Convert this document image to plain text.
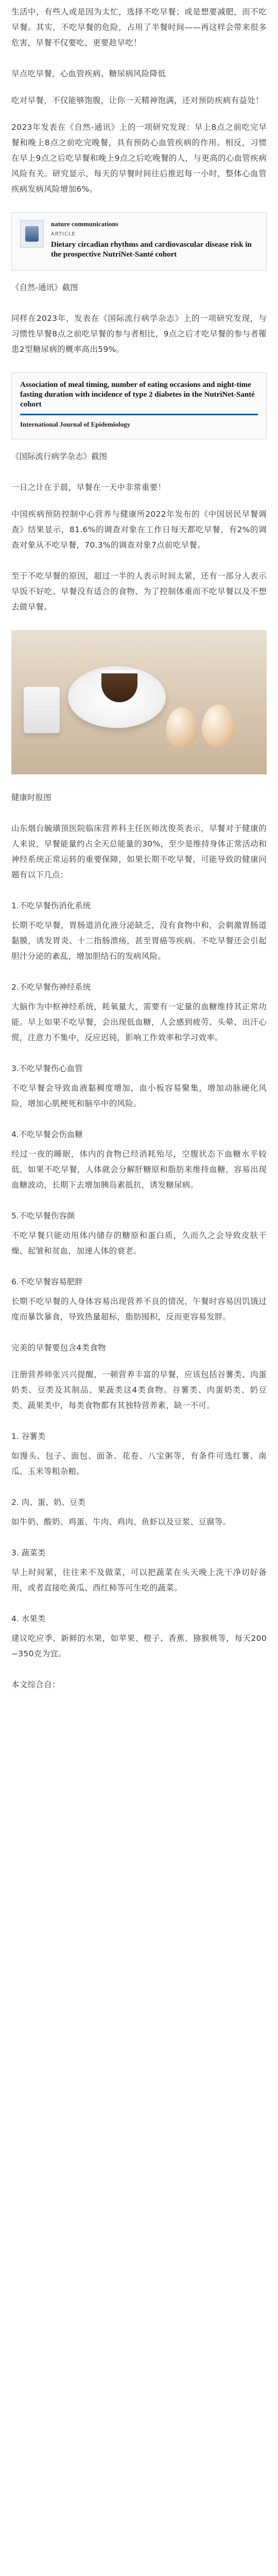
生活中，有些人或是因为太忙，选择不吃早餐；或是想要减肥，而不吃早餐。其实，不吃早餐的危险，占用了半餐时间——再这样会带来很多危害，早餐不仅要吃，更要趁早吃！

早点吃早餐，心血管疾病、糖尿病风险降低

吃对早餐，不仅能够饱腹，让你一天精神饱满，还对预防疾病有益处！

2023年发表在《自然-通讯》上的一项研究发现：早上8点之前吃完早餐和晚上8点之前吃完晚餐，具有预防心血管疾病的作用。相反，习惯在早上9点之后吃早餐和晚上9点之后吃晚餐的人，与更高的心血管疾病风险有关。研究显示，每天的早餐时间往后推迟每一小时，整体心血管疾病发病风险增加6%。

nature communications
ARTICLE
Dietary circadian rhythms and cardiovascular disease risk in the prospective NutriNet-Santé cohort

《自然-通讯》截图

同样在2023年，发表在《国际流行病学杂志》上的一项研究发现，与习惯性早餐8点之前吃早餐的参与者相比，9点之后才吃早餐的参与者罹患2型糖尿病的概率高出59%。

Association of meal timing, number of eating occasions and night-time fasting duration with incidence of type 2 diabetes in the NutriNet-Santé cohort
International Journal of Epidemiology

《国际流行病学杂志》截图

一日之计在于晨，早餐在一天中非常重要！

中国疾病预防控制中心营养与健康所2022年发布的《中国居民早餐调查》结果显示，81.6%的调查对象在工作日每天都吃早餐，有2%的调查对象从不吃早餐，70.3%的调查对象7点前吃早餐。

至于不吃早餐的原因，超过一半的人表示时间太紧，还有一部分人表示早饭不好吃、早餐没有适合的食物、为了控制体重而不吃早餐以及不想去做早餐。

健康时报图

山东烟台毓璜顶医院临床营养科主任医师沈俊英表示，早餐对于健康的人来说，早餐能量约占全天总能量的30%，至少是维持身体正常活动和神经系统正常运转的重要保障，如果长期不吃早餐，可能导致的健康问题有以下几点：

1.不吃早餐伤消化系统

长期不吃早餐，胃肠道消化液分泌缺乏，没有食物中和，会刺激胃肠道黏膜，诱发胃炎、十二指肠溃疡，甚至胃癌等疾病。不吃早餐还会引起胆汁分泌的紊乱，增加胆结石的发病风险。

2.不吃早餐伤神经系统

大脑作为中枢神经系统，耗氧量大，需要有一定量的血糖维持其正常功能。早上如果不吃早餐，会出现低血糖，人会感到疲劳、头晕、出汗心慌，注意力不集中，反应迟钝，影响工作效率和学习效率。

3.不吃早餐伤心血管

不吃早餐会导致血液黏稠度增加，血小板容易聚集，增加动脉硬化风险，增加心肌梗死和脑卒中的风险。

4.不吃早餐会伤血糖

经过一夜的睡眠，体内的食物已经消耗殆尽，空腹状态下血糖水平较低，如果不吃早餐，人体就会分解肝糖原和脂肪来维持血糖，容易出现血糖波动，长期下去增加胰岛素抵抗，诱发糖尿病。

5.不吃早餐伤容颜

不吃早餐只能动用体内储存的糖原和蛋白质，久而久之会导致皮肤干燥、起皱和贫血，加速人体的衰老。

6.不吃早餐容易肥胖

长期不吃早餐的人身体容易出现营养不良的情况，午餐时容易因饥饿过度而暴饮暴食，导致热量超标，脂肪囤积，反而更容易发胖。

完美的早餐要包含4类食物

注册营养师张兴兴提醒，一顿营养丰富的早餐，应该包括谷薯类、肉蛋奶类、豆类及其制品、果蔬类这4类食物。谷薯类、肉蛋奶类、奶豆类、蔬果类中，每类食物都有其独特营养素，缺一不可。

1. 谷薯类

如馒头、包子、面包、面条、花卷、八宝粥等，有条件可选红薯、南瓜、玉米等粗杂粮。

2. 肉、蛋、奶、豆类

如牛奶、酸奶、鸡蛋、牛肉、鸡肉、鱼虾以及豆浆、豆腐等。

3. 蔬菜类

早上时间紧，往往来不及做菜，可以把蔬菜在头天晚上洗干净切好备用，或者直接吃黄瓜、西红柿等可生吃的蔬菜。

4. 水果类

建议吃应季、新鲜的水果，如苹果、橙子、香蕉、猕猴桃等，每天200~350克为宜。

本文综合自：
